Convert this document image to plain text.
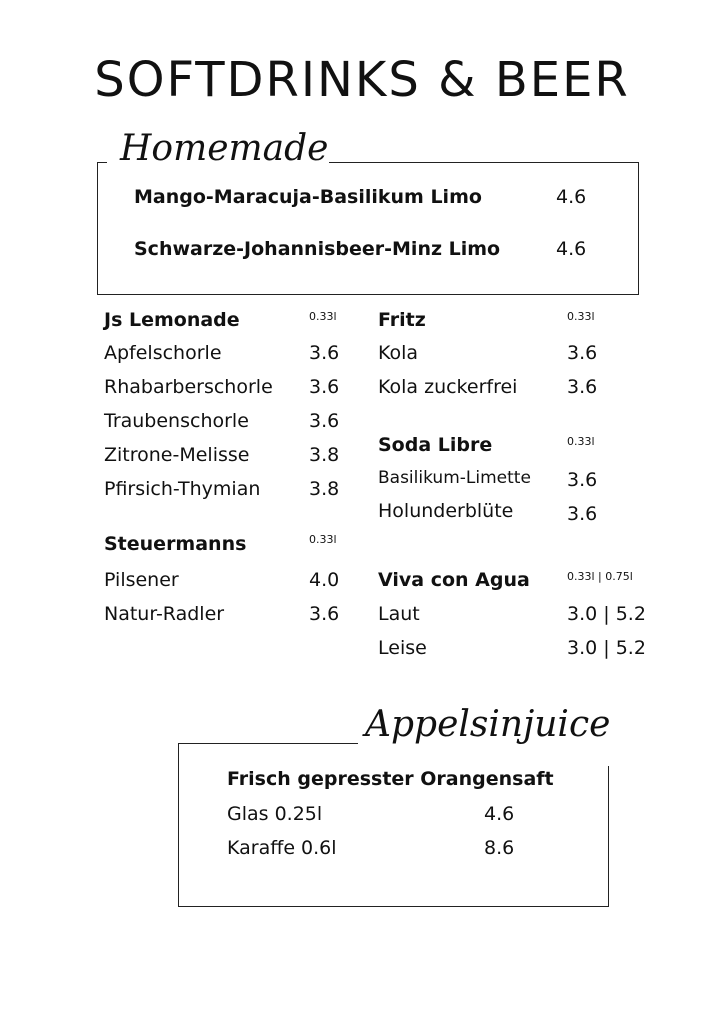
SOFTDRINKS & BEER
Homemade
Mango-Maracuja-Basilikum Limo	4.6
Schwarze-Johannisbeer-Minz Limo	4.6
Js Lemonade	0.33l
Apfelschorle	3.6
Rhabarberschorle 3.6
Traubenschorle	3.6
Zitrone-Melisse	3.8
Pfirsich-Thymian	3.8
Steuermanns	0.33l
Pilsener	4.0
Natur-Radler	3.6
Fritz	0.33l
Kola	3.6
Kola zuckerfrei	3.6
Soda Libre	0.33l
Basilikum-Limette 3.6
Holunderblüte	3.6
Viva con Agua	0.33l | 0.75l
Laut	3.0 | 5.2
Leise	3.0 | 5.2
Appelsinjuice
Frisch gepresster Orangensaft
Glas 0.25l	4.6
Karaffe 0.6l	8.6
